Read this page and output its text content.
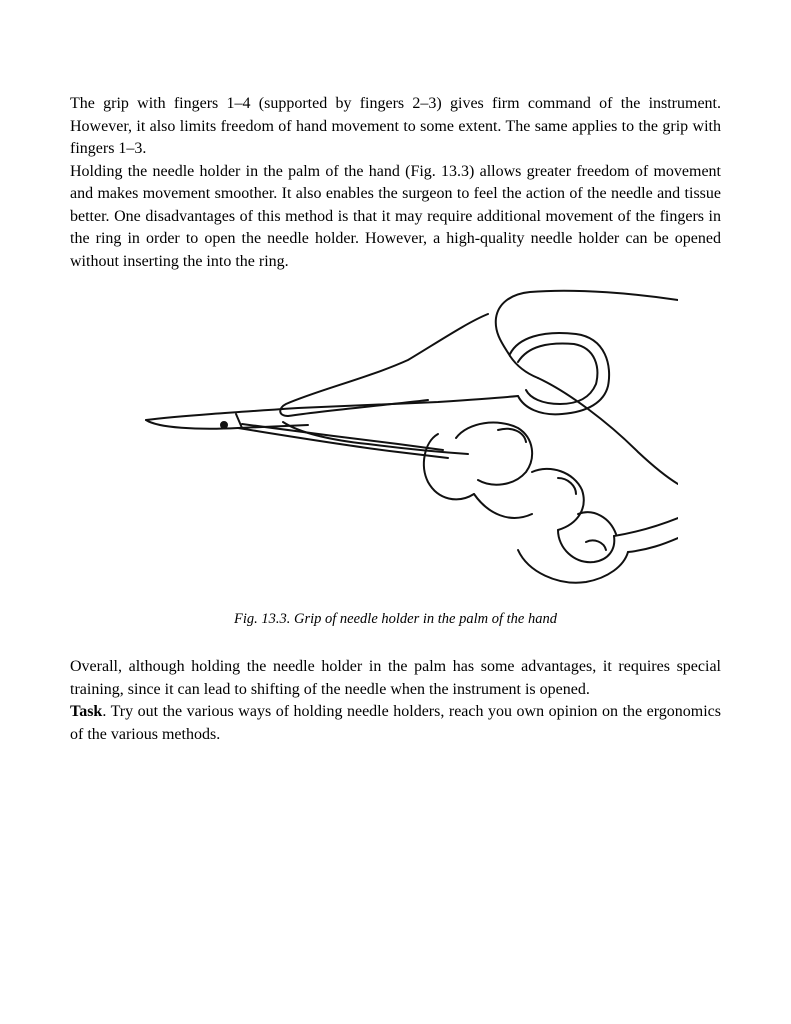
The grip with fingers 1–4 (supported by fingers 2–3) gives firm command of the instrument. However, it also limits freedom of hand movement to some extent. The same applies to the grip with fingers 1–3.

Holding the needle holder in the palm of the hand (Fig. 13.3) allows greater freedom of movement and makes movement smoother. It also enables the surgeon to feel the action of the needle and tissue better. One disadvantages of this method is that it may require additional movement of the fingers in the ring in order to open the needle holder. However, a high-quality needle holder can be opened without inserting the into the ring.

Fig. 13.3. Grip of needle holder in the palm of the hand

Overall, although holding the needle holder in the palm has some advantages, it requires special training, since it can lead to shifting of the needle when the instrument is opened.

Task. Try out the various ways of holding needle holders, reach you own opinion on the ergonomics of the various methods.
